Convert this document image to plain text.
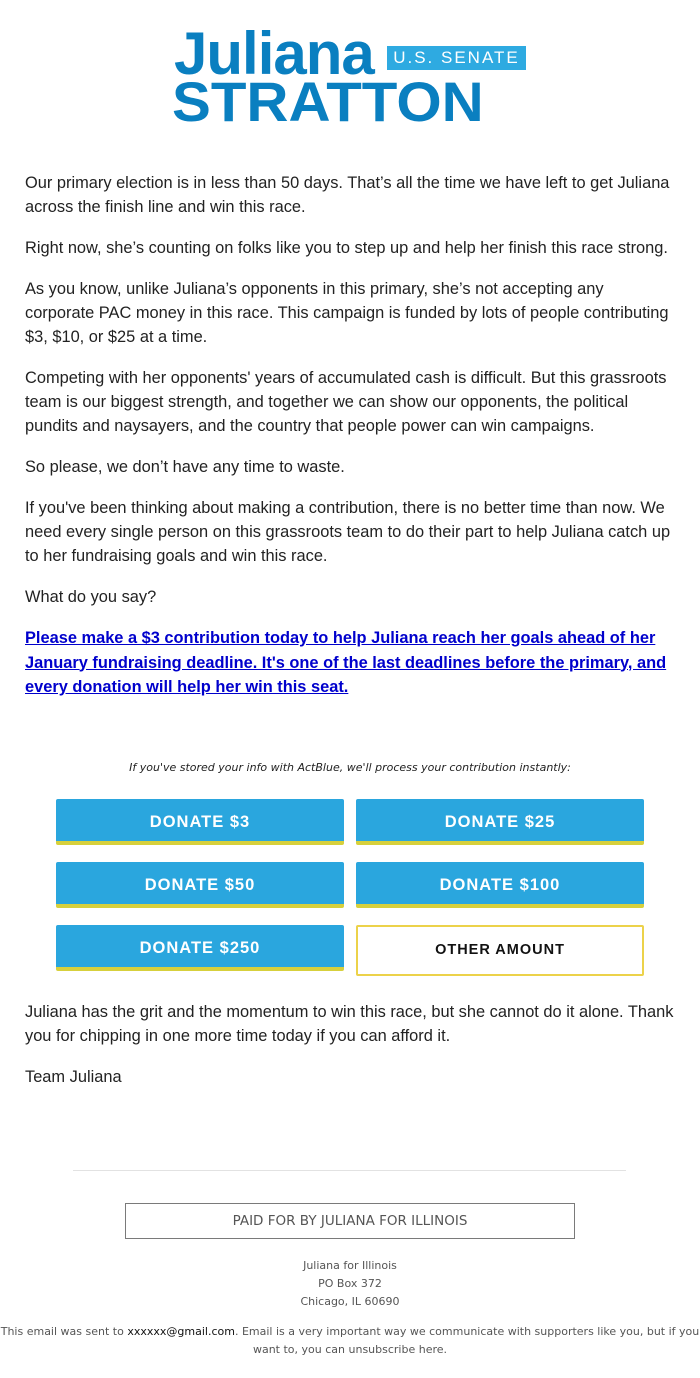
Juliana	U.S. SENATE
STRATTON

Our primary election is in less than 50 days. That’s all the time we have left to get Juliana across the finish line and win this race.

Right now, she’s counting on folks like you to step up and help her finish this race strong.

As you know, unlike Juliana’s opponents in this primary, she’s not accepting any corporate PAC money in this race. This campaign is funded by lots of people contributing $3, $10, or $25 at a time.

Competing with her opponents' years of accumulated cash is difficult. But this grassroots team is our biggest strength, and together we can show our opponents, the political pundits and naysayers, and the country that people power can win campaigns.

So please, we don’t have any time to waste.

If you've been thinking about making a contribution, there is no better time than now. We need every single person on this grassroots team to do their part to help Juliana catch up to her fundraising goals and win this race.

What do you say?

Please make a $3 contribution today to help Juliana reach her goals ahead of her January fundraising deadline. It's one of the last deadlines before the primary, and every donation will help her win this seat.

If you've stored your info with ActBlue, we'll process your contribution instantly:
DONATE $3	DONATE $25
DONATE $50	DONATE $100
DONATE $250	OTHER AMOUNT

Juliana has the grit and the momentum to win this race, but she cannot do it alone. Thank you for chipping in one more time today if you can afford it.

Team Juliana

PAID FOR BY JULIANA FOR ILLINOIS
Juliana for Illinois
PO Box 372
Chicago, IL 60690
This email was sent to xxxxxx@gmail.com. Email is a very important way we communicate with supporters like you, but if you want to, you can unsubscribe here.
